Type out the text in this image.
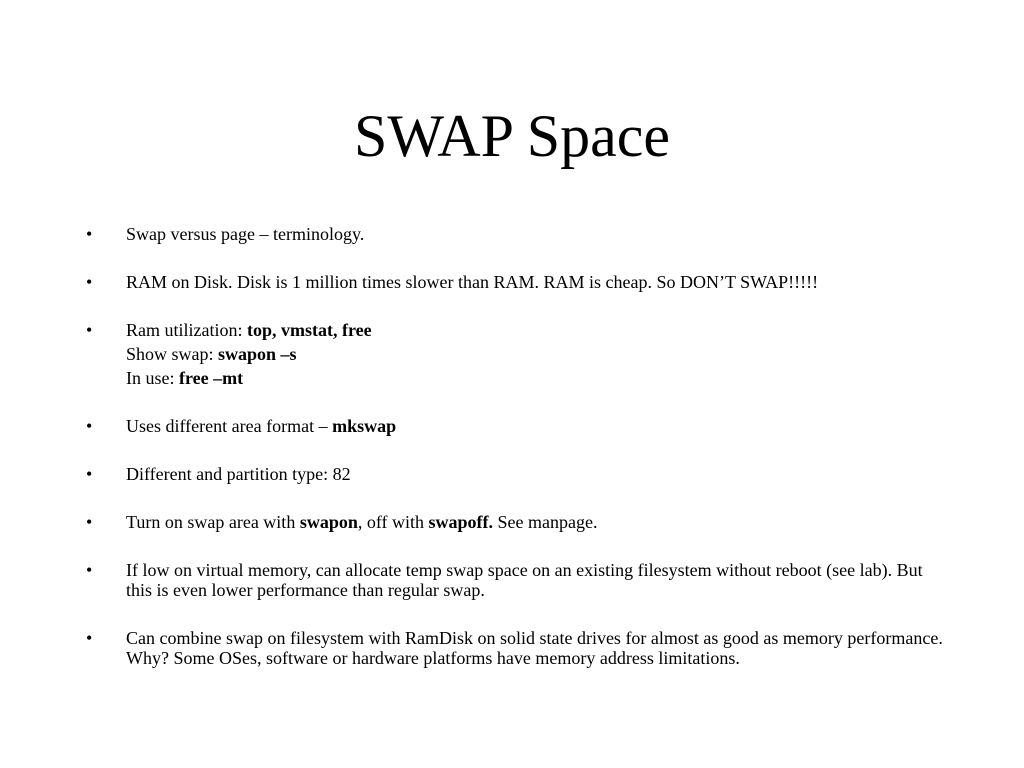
SWAP Space
•	Swap versus page – terminology.
•	RAM on Disk. Disk is 1 million times slower than RAM. RAM is cheap. So DON’T SWAP!!!!!
•	Ram utilization: top, vmstat, free
Show swap: swapon –s
In use: free –mt
•	Uses different area format – mkswap
•	Different and partition type: 82
•	Turn on swap area with swapon, off with swapoff. See manpage.
•	If low on virtual memory, can allocate temp swap space on an existing filesystem without reboot (see lab). But this is even lower performance than regular swap.
•	Can combine swap on filesystem with RamDisk on solid state drives for almost as good as memory performance. Why? Some OSes, software or hardware platforms have memory address limitations.
